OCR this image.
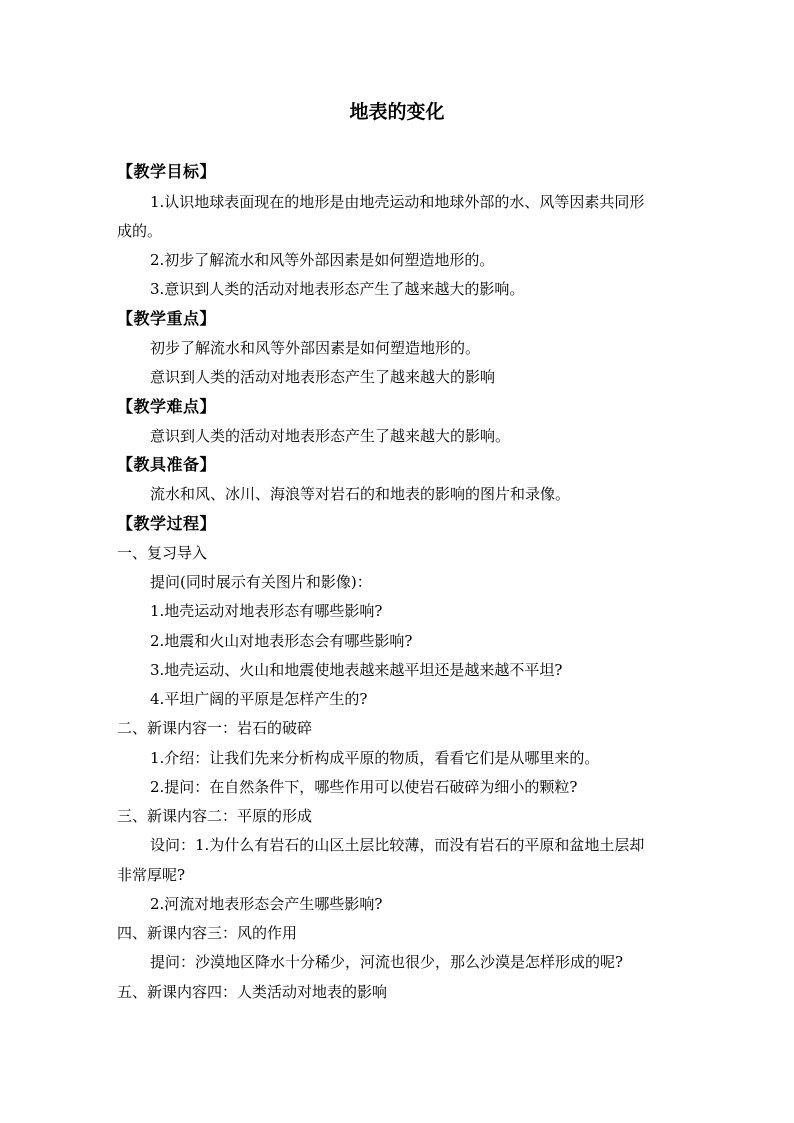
地表的变化
【教学目标】
1.认识地球表面现在的地形是由地壳运动和地球外部的水、风等因素共同形
成的。
2.初步了解流水和风等外部因素是如何塑造地形的。
3.意识到人类的活动对地表形态产生了越来越大的影响。
【教学重点】
初步了解流水和风等外部因素是如何塑造地形的。
意识到人类的活动对地表形态产生了越来越大的影响
【教学难点】
意识到人类的活动对地表形态产生了越来越大的影响。
【教具准备】
流水和风、冰川、海浪等对岩石的和地表的影响的图片和录像。
【教学过程】
一、复习导入
提问(同时展示有关图片和影像)：
1.地壳运动对地表形态有哪些影响?
2.地震和火山对地表形态会有哪些影响?
3.地壳运动、火山和地震使地表越来越平坦还是越来越不平坦?
4.平坦广阔的平原是怎样产生的?
二、新课内容一：岩石的破碎
1.介绍：让我们先来分析构成平原的物质，看看它们是从哪里来的。
2.提问：在自然条件下，哪些作用可以使岩石破碎为细小的颗粒?
三、新课内容二：平原的形成
设问：1.为什么有岩石的山区土层比较薄，而没有岩石的平原和盆地土层却
非常厚呢?
2.河流对地表形态会产生哪些影响?
四、新课内容三：风的作用
提问：沙漠地区降水十分稀少，河流也很少，那么沙漠是怎样形成的呢?
五、新课内容四：人类活动对地表的影响
